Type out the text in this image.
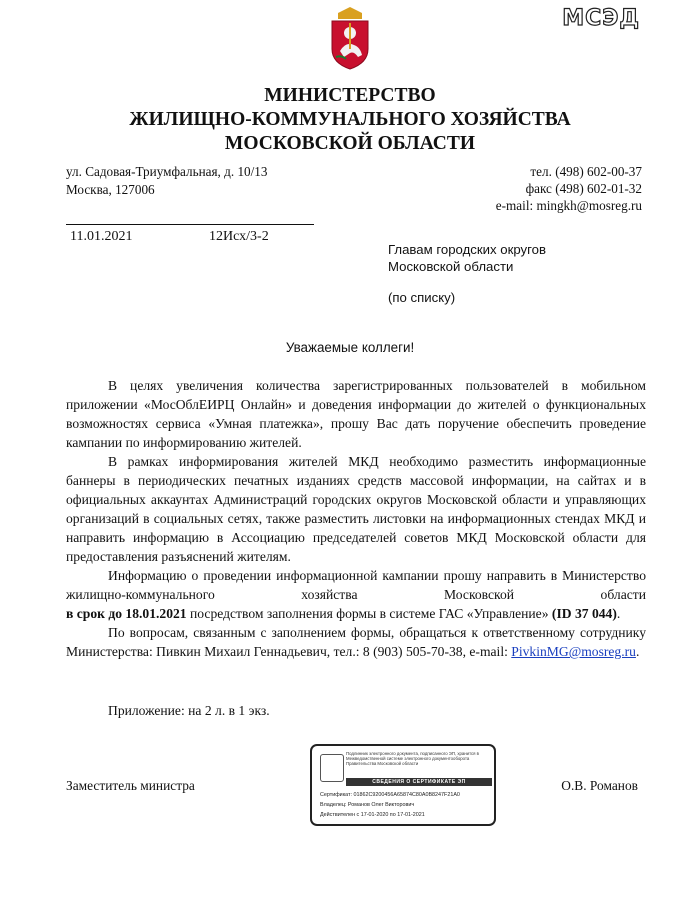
МСЭД
МИНИСТЕРСТВО
ЖИЛИЩНО-КОММУНАЛЬНОГО ХОЗЯЙСТВА
МОСКОВСКОЙ ОБЛАСТИ
ул. Садовая-Триумфальная, д. 10/13
Москва, 127006
тел. (498) 602-00-37
факс (498) 602-01-32
e-mail: mingkh@mosreg.ru
11.01.2021	12Исх/3-2
Главам городских округов
Московской области
(по списку)
Уважаемые коллеги!

В целях увеличения количества зарегистрированных пользователей в мобильном приложении «МосОблЕИРЦ Онлайн» и доведения информации до жителей о функциональных возможностях сервиса «Умная платежка», прошу Вас дать поручение обеспечить проведение кампании по информированию жителей.

В рамках информирования жителей МКД необходимо разместить информационные баннеры в периодических печатных изданиях средств массовой информации, на сайтах и в официальных аккаунтах Администраций городских округов Московской области и управляющих организаций в социальных сетях, также разместить листовки на информационных стендах МКД и направить информацию в Ассоциацию председателей советов МКД Московской области для предоставления разъяснений жителям.

Информацию о проведении информационной кампании прошу направить в Министерство жилищно-коммунального хозяйства Московской области

в срок до 18.01.2021 посредством заполнения формы в системе ГАС «Управление» (ID 37 044).

По вопросам, связанным с заполнением формы, обращаться к ответственному сотруднику Министерства: Пивкин Михаил Геннадьевич, тел.: 8 (903) 505-70-38, e-mail: PivkinMG@mosreg.ru.

Приложение: на 2 л. в 1 экз.
Заместитель министра	О.В. Романов
Подлинник электронного документа, подписанного ЭП, хранится в Межведомственной системе электронного документооборота Правительства Московской области
СВЕДЕНИЯ О СЕРТИФИКАТЕ ЭП
Сертификат: 01862C9200456A65874C80A0B8247F21A0
Владелец: Романов Олег Викторович
Действителен с 17-01-2020 по 17-01-2021
